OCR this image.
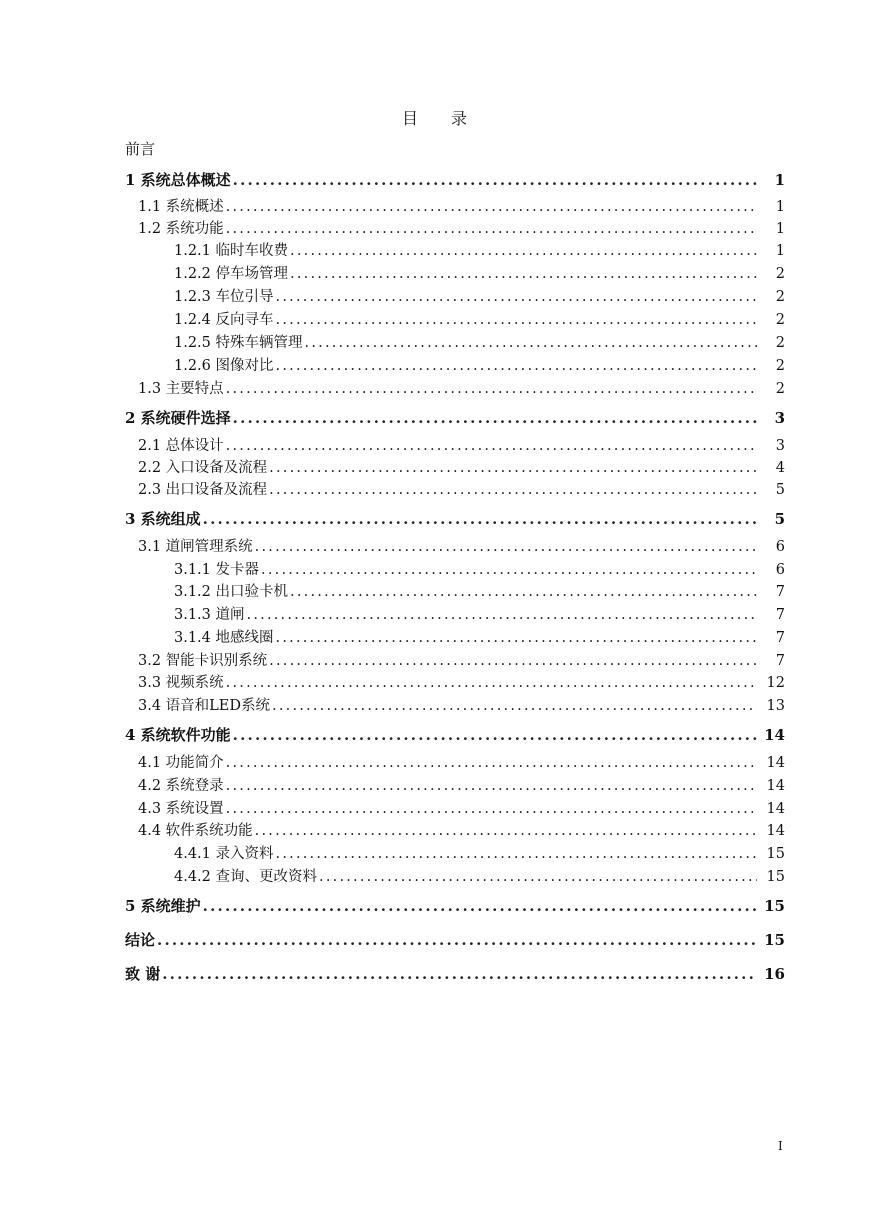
目 录
前言
1 系统总体概述 .....	1
1.1 系统概述 .....	1
1.2 系统功能 .....	1
1.2.1 临时车收费 .....	1
1.2.2 停车场管理 .....	2
1.2.3 车位引导 .....	2
1.2.4 反向寻车 .....	2
1.2.5 特殊车辆管理 .....	2
1.2.6 图像对比 .....	2
1.3 主要特点 .....	2
2 系统硬件选择 .....	3
2.1 总体设计 .....	3
2.2 入口设备及流程 .....	4
2.3 出口设备及流程 .....	5
3 系统组成 .....	5
3.1 道闸管理系统 .....	6
3.1.1 发卡器 .....	6
3.1.2 出口验卡机 .....	7
3.1.3 道闸 .....	7
3.1.4 地感线圈 .....	7
3.2 智能卡识别系统 .....	7
3.3 视频系统 .....	12
3.4 语音和LED系统 .....	13
4 系统软件功能 .....	14
4.1 功能简介 .....	14
4.2 系统登录 .....	14
4.3 系统设置 .....	14
4.4 软件系统功能 .....	14
4.4.1 录入资料 .....	15
4.4.2 查询、更改资料 .....	15
5 系统维护 .....	15
结论 .....	15
致 谢 .....	16
I
